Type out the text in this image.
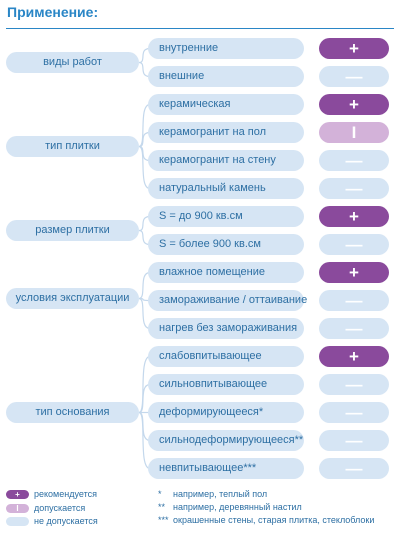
Применение:
виды работ
внутренние	+
внешние	—
тип плитки
керамическая	+
керамогранит на пол	I
керамогранит на стену	—
натуральный камень	—
размер плитки
S = до 900 кв.см	+
S = более 900 кв.см	—
условия эксплуатации
влажное помещение	+
замораживание / оттаивание	—
нагрев без замораживания	—
тип основания
слабовпитывающее	+
сильновпитывающее	—
деформирующееся*	—
сильнодеформирующееся**	—
невпитывающее***	—
+	рекомендуется
I	допускается
не допускается
* например, теплый пол
** например, деревянный настил
*** окрашенные стены, старая плитка, стеклоблоки
